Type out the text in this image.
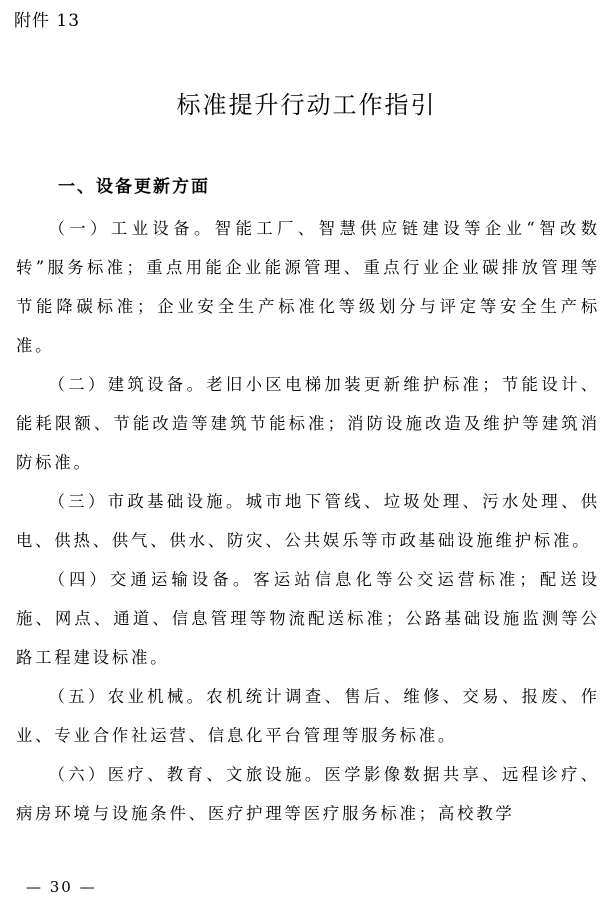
附件 13
标准提升行动工作指引
一、设备更新方面

（一）工业设备。智能工厂、智慧供应链建设等企业“智改数转”服务标准；重点用能企业能源管理、重点行业企业碳排放管理等节能降碳标准；企业安全生产标准化等级划分与评定等安全生产标准。

（二）建筑设备。老旧小区电梯加装更新维护标准；节能设计、能耗限额、节能改造等建筑节能标准；消防设施改造及维护等建筑消防标准。

（三）市政基础设施。城市地下管线、垃圾处理、污水处理、供电、供热、供气、供水、防灾、公共娱乐等市政基础设施维护标准。

（四）交通运输设备。客运站信息化等公交运营标准；配送设施、网点、通道、信息管理等物流配送标准；公路基础设施监测等公路工程建设标准。

（五）农业机械。农机统计调查、售后、维修、交易、报废、作业、专业合作社运营、信息化平台管理等服务标准。

（六）医疗、教育、文旅设施。医学影像数据共享、远程诊疗、病房环境与设施条件、医疗护理等医疗服务标准；高校教学

— 30 —
